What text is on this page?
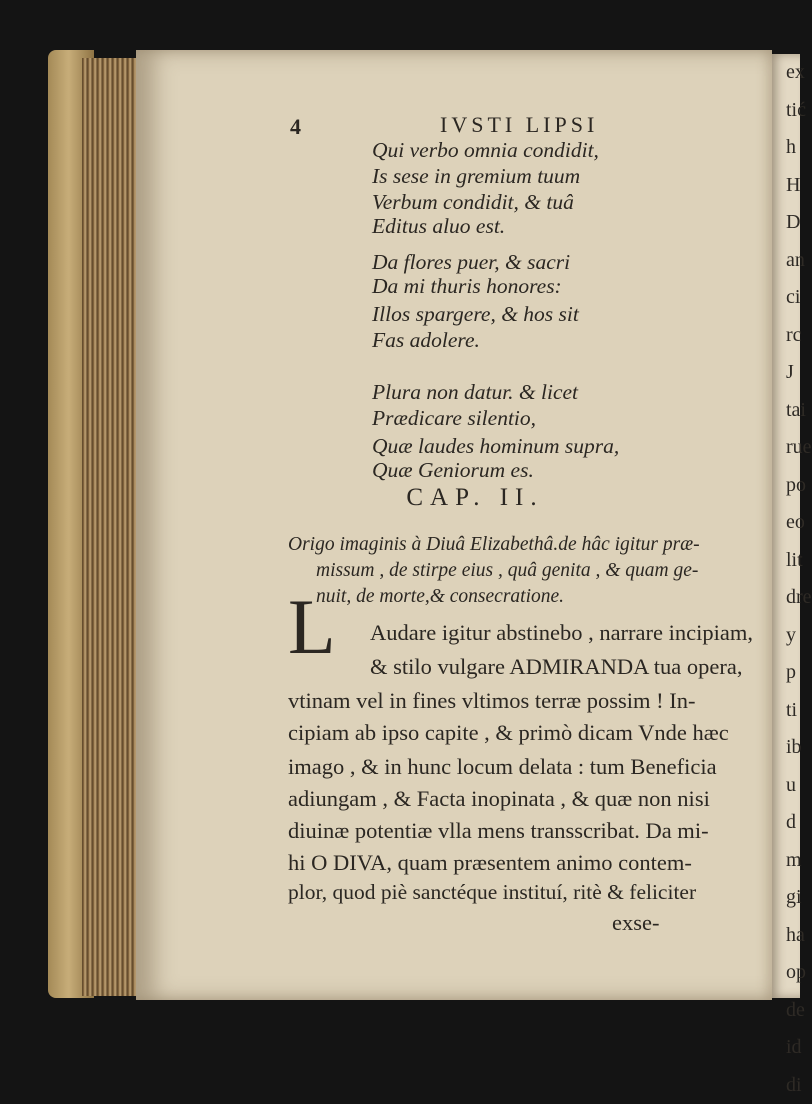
ex
tić
h
H
D
an
ci
rc
J
tai
rue
po
eo
lit
dre
y
p
ti
ib
u
d
m
gi
ha
op
de
id
di
4	IVSTI LIPSI
Qui verbo omnia condidit,
Is sese in gremium tuum
Verbum condidit, & tuâ
Editus aluo est.
Da flores puer, & sacri
Da mi thuris honores:
Illos spargere, & hos sit
Fas adolere.
Plura non datur. & licet
Prædicare silentio,
Quæ laudes hominum supra,
Quæ Geniorum es.
CAP. II.
Origo imaginis à Diuâ Elizabethâ.de hâc igitur præ-
missum , de stirpe eius , quâ genita , & quam ge-
nuit, de morte,& consecratione.
L Audare igitur abstinebo , narrare incipiam,
& stilo vulgare ADMIRANDA tua opera,
vtinam vel in fines vltimos terræ possim ! In-
cipiam ab ipso capite , & primò dicam Vnde hæc
imago , & in hunc locum delata : tum Beneficia
adiungam , & Facta inopinata , & quæ non nisi
diuinæ potentiæ vlla mens transscribat. Da mi-
hi O DIVA, quam præsentem animo contem-
plor, quod piè sanctéque instituí, ritè & feliciter
exse-
